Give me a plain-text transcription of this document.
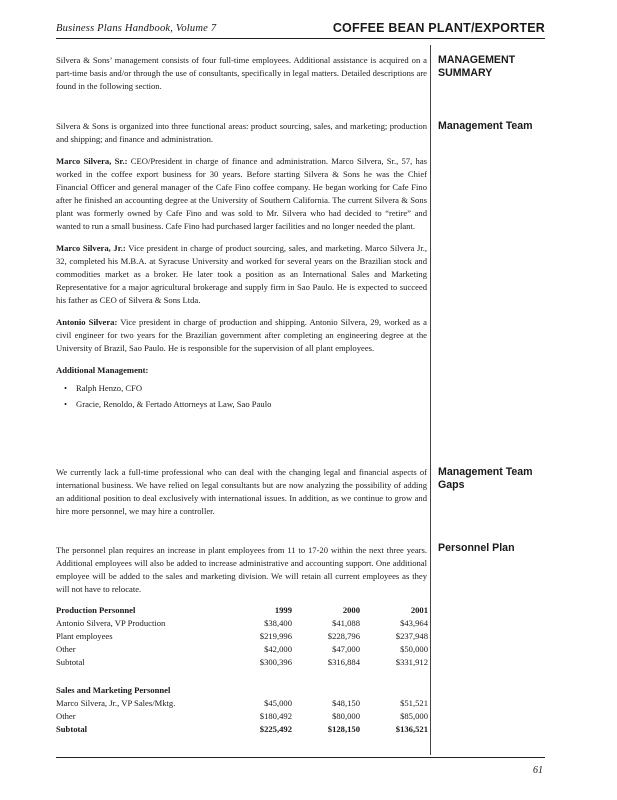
Business Plans Handbook, Volume 7	COFFEE BEAN PLANT/EXPORTER
MANAGEMENT SUMMARY

Silvera & Sons’ management consists of four full-time employees. Additional assistance is acquired on a part-time basis and/or through the use of consultants, specifically in legal matters. Detailed descriptions are found in the following section.

Management Team

Silvera & Sons is organized into three functional areas: product sourcing, sales, and marketing; production and shipping; and finance and administration.

Marco Silvera, Sr.: CEO/President in charge of finance and administration. Marco Silvera, Sr., 57, has worked in the coffee export business for 30 years. Before starting Silvera & Sons he was the Chief Financial Officer and general manager of the Cafe Fino coffee company. He began working for Cafe Fino after he finished an accounting degree at the University of Southern California. The current Silvera & Sons plant was formerly owned by Cafe Fino and was sold to Mr. Silvera who had decided to “retire” and wanted to run a small business. Cafe Fino had purchased larger facilities and no longer needed the plant.

Marco Silvera, Jr.: Vice president in charge of product sourcing, sales, and marketing. Marco Silvera Jr., 32, completed his M.B.A. at Syracuse University and worked for several years on the Brazilian stock and commodities market as a broker. He later took a position as an International Sales and Marketing Representative for a major agricultural brokerage and supply firm in Sao Paulo. He is expected to succeed his father as CEO of Silvera & Sons Ltda.

Antonio Silvera: Vice president in charge of production and shipping. Antonio Silvera, 29, worked as a civil engineer for two years for the Brazilian government after completing an engineering degree at the University of Brazil, Sao Paulo. He is responsible for the supervision of all plant employees.

Additional Management:

• Ralph Henzo, CFO
• Gracie, Renoldo, & Fertado Attorneys at Law, Sao Paulo
Management Team Gaps

We currently lack a full-time professional who can deal with the changing legal and financial aspects of international business. We have relied on legal consultants but are now analyzing the possibility of adding an additional position to deal exclusively with international issues. In addition, as we continue to grow and hire more personnel, we may hire a controller.

Personnel Plan

The personnel plan requires an increase in plant employees from 11 to 17-20 within the next three years. Additional employees will also be added to increase administrative and accounting support. One additional employee will be added to the sales and marketing division. We will retain all current employees as they will not have to relocate.

Production Personnel	1999	2000	2001
Antonio Silvera, VP Production	$38,400	$41,088	$43,964
Plant employees	$219,996	$228,796	$237,948
Other	$42,000	$47,000	$50,000
Subtotal	$300,396	$316,884	$331,912
Sales and Marketing Personnel			
Marco Silvera, Jr., VP Sales/Mktg.	$45,000	$48,150	$51,521
Other	$180,492	$80,000	$85,000
Subtotal	$225,492	$128,150	$136,521
61
